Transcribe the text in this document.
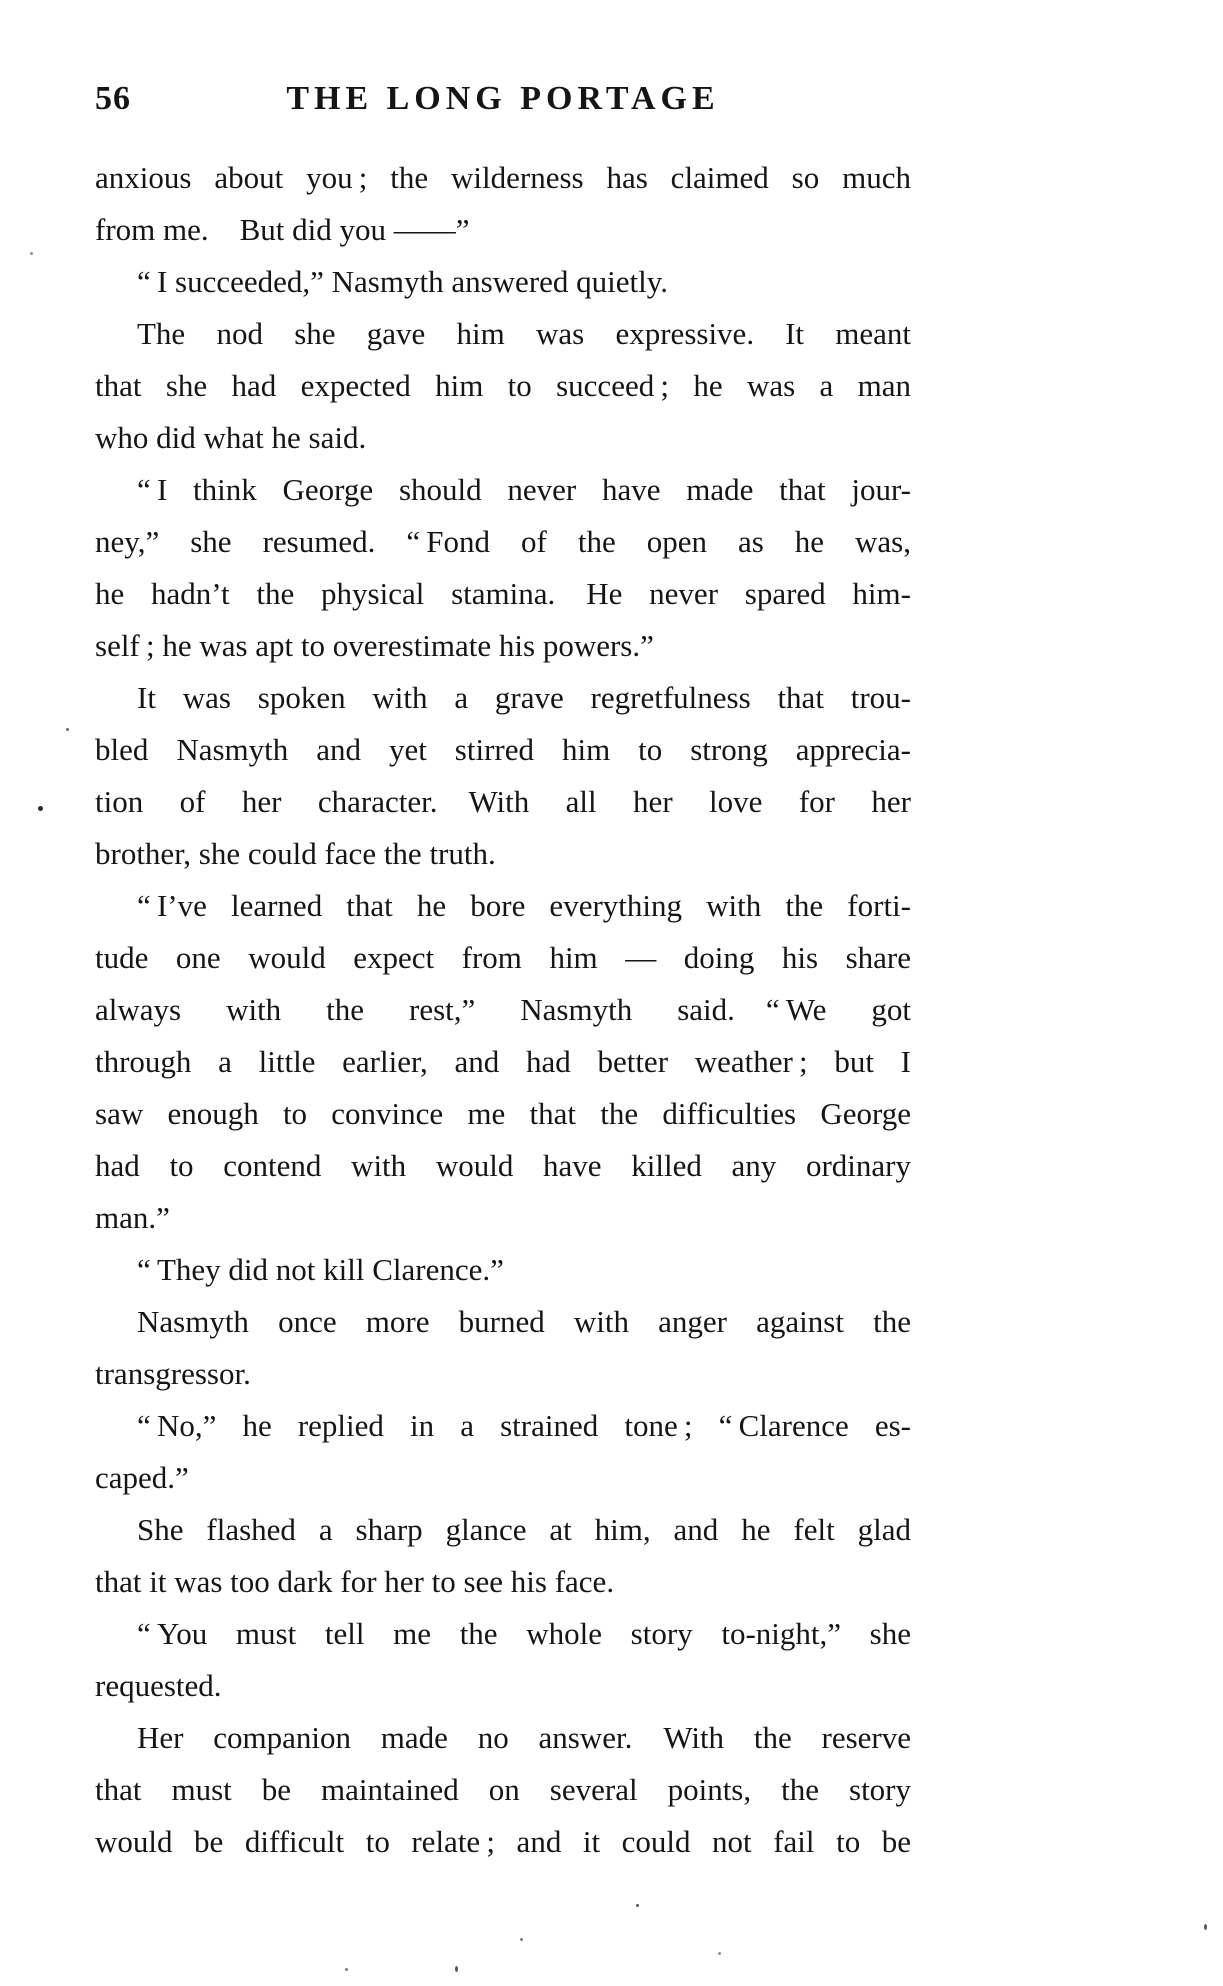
56	THE LONG PORTAGE
anxious about you ; the wilderness has claimed so much
from me. But did you ——”
“ I succeeded,” Nasmyth answered quietly.
The nod she gave him was expressive. It meant
that she had expected him to succeed ; he was a man
who did what he said.
“ I think George should never have made that jour-
ney,” she resumed. “ Fond of the open as he was,
he hadn’t the physical stamina. He never spared him-
self ; he was apt to overestimate his powers.”
It was spoken with a grave regretfulness that trou-
bled Nasmyth and yet stirred him to strong apprecia-
tion of her character. With all her love for her
brother, she could face the truth.
“ I’ve learned that he bore everything with the forti-
tude one would expect from him — doing his share
always with the rest,” Nasmyth said. “ We got
through a little earlier, and had better weather ; but I
saw enough to convince me that the difficulties George
had to contend with would have killed any ordinary
man.”
“ They did not kill Clarence.”
Nasmyth once more burned with anger against the
transgressor.
“ No,” he replied in a strained tone ; “ Clarence es-
caped.”
She flashed a sharp glance at him, and he felt glad
that it was too dark for her to see his face.
“ You must tell me the whole story to-night,” she
requested.
Her companion made no answer. With the reserve
that must be maintained on several points, the story
would be difficult to relate ; and it could not fail to be
